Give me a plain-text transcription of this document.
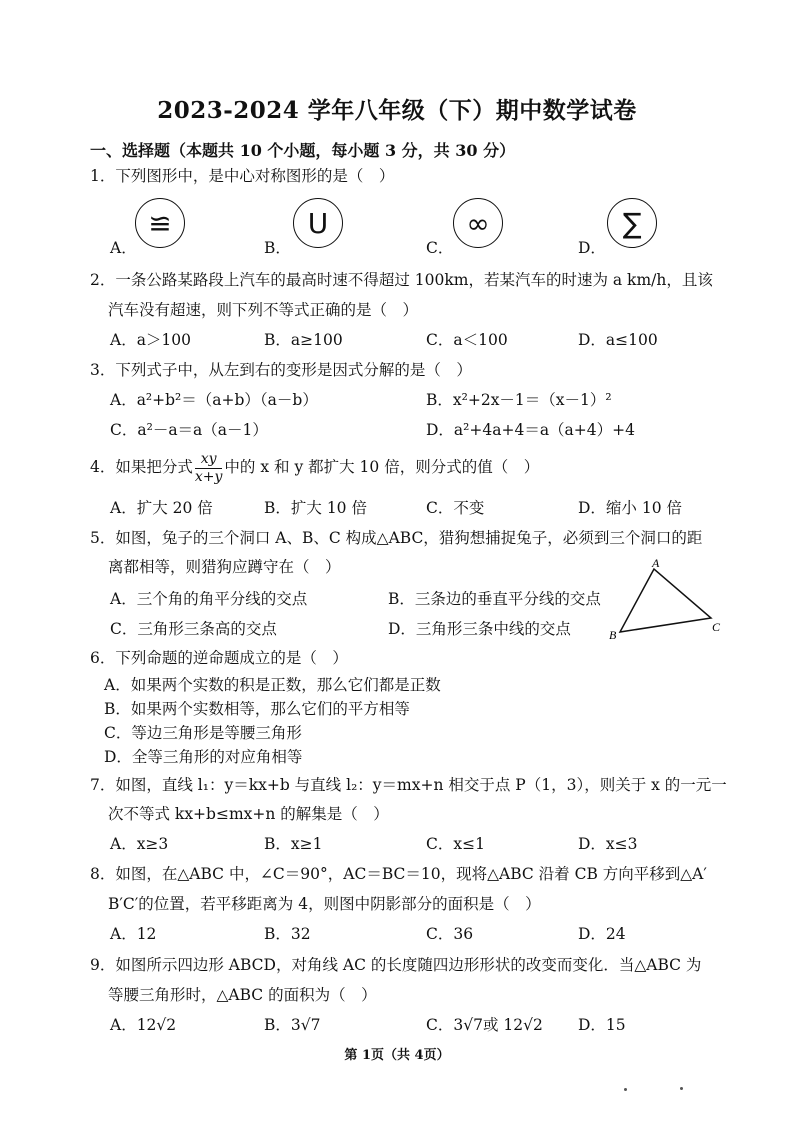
2023-2024 学年八年级（下）期中数学试卷
一、选择题（本题共 10 个小题，每小题 3 分，共 30 分）
1．下列图形中，是中心对称图形的是（　）
A．
≌
B．
U
C．
∞
D．
∑
2．一条公路某路段上汽车的最高时速不得超过 100km，若某汽车的时速为 a km/h，且该
汽车没有超速，则下列不等式正确的是（　）
A．a＞100	B．a≥100	C．a＜100	D．a≤100
3．下列式子中，从左到右的变形是因式分解的是（　）
A．a²+b²＝（a+b）（a－b）	B．x²+2x－1＝（x－1）²
C．a²－a＝a（a－1）	D．a²+4a+4＝a（a+4）+4
4．如果把分式 $\frac{xy}{x+y}$ 中的 x 和 y 都扩大 10 倍，则分式的值（　）
A．扩大 20 倍	B．扩大 10 倍	C．不变	D．缩小 10 倍
5．如图，兔子的三个洞口 A、B、C 构成△ABC，猎狗想捕捉兔子，必须到三个洞口的距
离都相等，则猎狗应蹲守在（　）
A．三个角的角平分线的交点	B．三条边的垂直平分线的交点
C．三角形三条高的交点	D．三角形三条中线的交点
A
B
C
6．下列命题的逆命题成立的是（　）
A．如果两个实数的积是正数，那么它们都是正数
B．如果两个实数相等，那么它们的平方相等
C．等边三角形是等腰三角形
D．全等三角形的对应角相等
7．如图，直线 l₁：y＝kx+b 与直线 l₂：y＝mx+n 相交于点 P（1，3），则关于 x 的一元一
次不等式 kx+b≤mx+n 的解集是（　）
A．x≥3	B．x≥1	C．x≤1	D．x≤3
8．如图，在△ABC 中，∠C＝90°，AC＝BC＝10，现将△ABC 沿着 CB 方向平移到△A′
B′C′的位置，若平移距离为 4，则图中阴影部分的面积是（　）
A．12	B．32	C．36	D．24
9．如图所示四边形 ABCD，对角线 AC 的长度随四边形形状的改变而变化．当△ABC 为
等腰三角形时，△ABC 的面积为（　）
A．12√2	B．3√7	C．3√7或 12√2 D．15
第 1页（共 4页）
